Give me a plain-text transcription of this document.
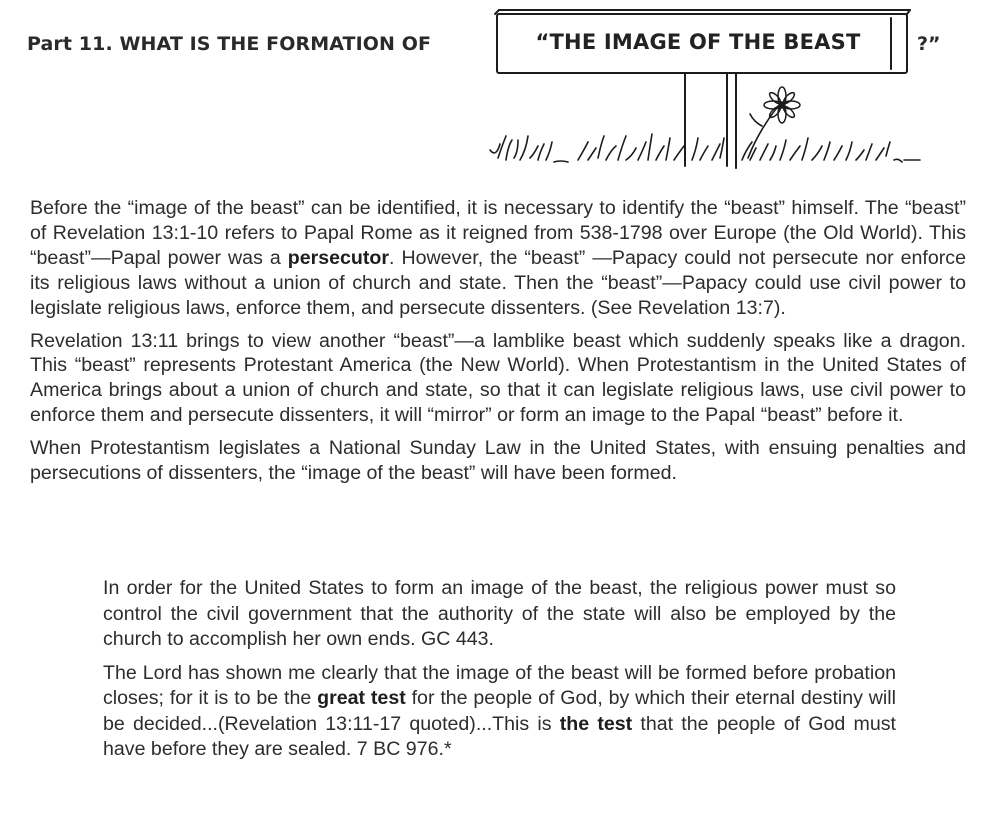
Part 11. WHAT IS THE FORMATION OF	“THE IMAGE OF THE BEAST	?”

Before the “image of the beast” can be identified, it is necessary to identify the “beast” himself. The “beast” of Revelation 13:1-10 refers to Papal Rome as it reigned from 538-1798 over Europe (the Old World). This “beast”—Papal power was a persecutor. However, the “beast” —Papacy could not persecute nor enforce its religious laws without a union of church and state. Then the “beast”—Papacy could use civil power to legislate religious laws, enforce them, and persecute dissenters. (See Revelation 13:7).

Revelation 13:11 brings to view another “beast”—a lamblike beast which suddenly speaks like a dragon. This “beast” represents Protestant America (the New World). When Protestantism in the United States of America brings about a union of church and state, so that it can legislate religious laws, use civil power to enforce them and persecute dissenters, it will “mirror” or form an image to the Papal “beast” before it.

When Protestantism legislates a National Sunday Law in the United States, with ensuing penalties and persecutions of dissenters, the “image of the beast” will have been formed.

In order for the United States to form an image of the beast, the religious power must so control the civil government that the authority of the state will also be employed by the church to accomplish her own ends. GC 443.

The Lord has shown me clearly that the image of the beast will be formed before probation closes; for it is to be the great test for the people of God, by which their eternal destiny will be decided...(Revelation 13:11-17 quoted)...This is the test that the people of God must have before they are sealed. 7 BC 976.*
